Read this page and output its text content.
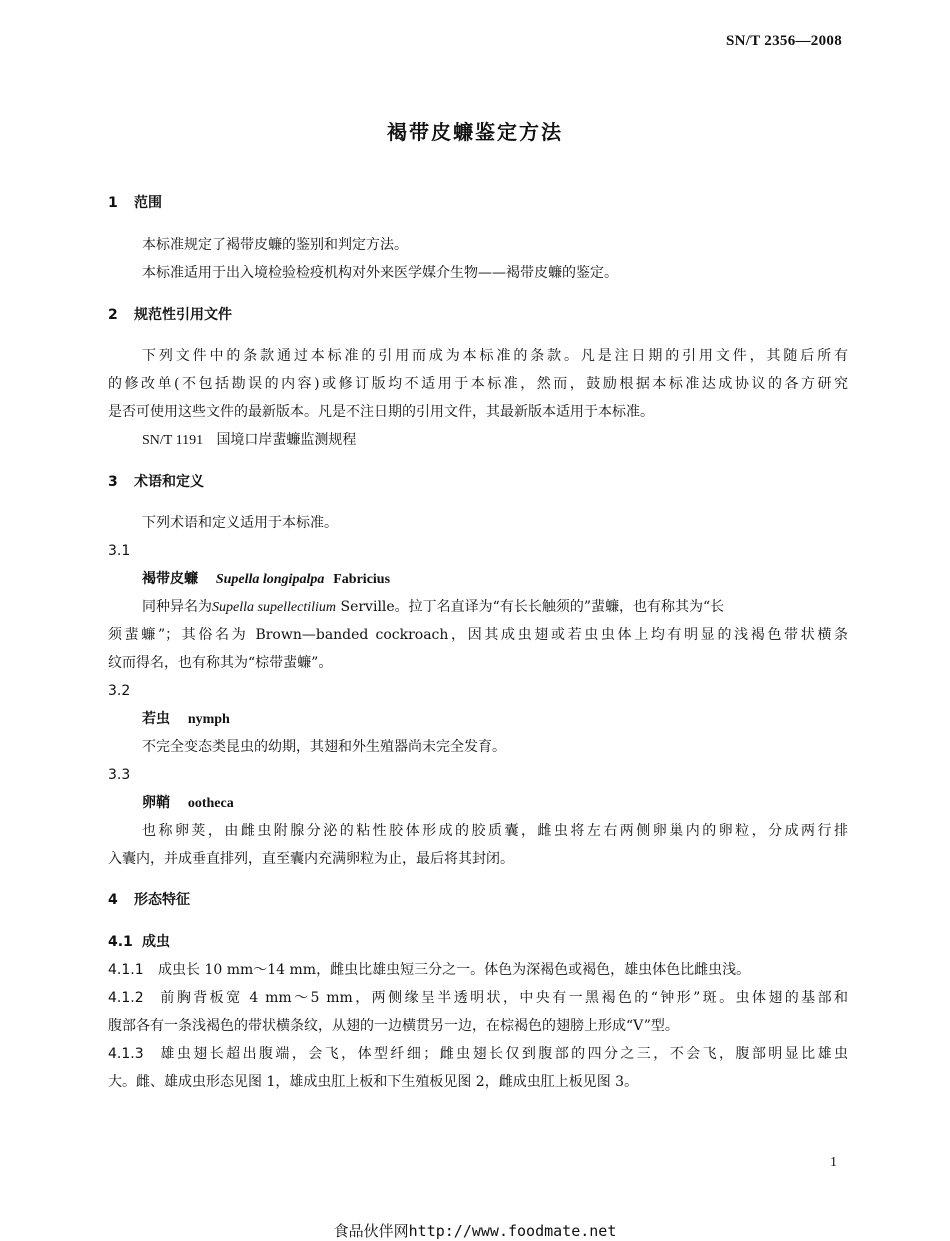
SN/T 2356—2008
褐带皮蠊鉴定方法
1 范围
本标准规定了褐带皮蠊的鉴别和判定方法。
本标准适用于出入境检验检疫机构对外来医学媒介生物——褐带皮蠊的鉴定。
2 规范性引用文件
下列文件中的条款通过本标准的引用而成为本标准的条款。凡是注日期的引用文件，其随后所有
的修改单(不包括勘误的内容)或修订版均不适用于本标准，然而，鼓励根据本标准达成协议的各方研究
是否可使用这些文件的最新版本。凡是不注日期的引用文件，其最新版本适用于本标准。
SN/T 1191 国境口岸蜚蠊监测规程
3 术语和定义
下列术语和定义适用于本标准。
3.1
褐带皮蠊 Supella longipalpa Fabricius
同种异名为Supella supellectilium Serville。拉丁名直译为“有长长触须的”蜚蠊，也有称其为“长
须蜚蠊”；其俗名为 Brown—banded cockroach，因其成虫翅或若虫虫体上均有明显的浅褐色带状横条
纹而得名，也有称其为“棕带蜚蠊”。
3.2
若虫 nymph
不完全变态类昆虫的幼期，其翅和外生殖器尚未完全发育。
3.3
卵鞘 ootheca
也称卵荚，由雌虫附腺分泌的粘性胶体形成的胶质囊，雌虫将左右两侧卵巢内的卵粒，分成两行排
入囊内，并成垂直排列，直至囊内充满卵粒为止，最后将其封闭。
4 形态特征
4.1 成虫
4.1.1 成虫长 10 mm～14 mm，雌虫比雄虫短三分之一。体色为深褐色或褐色，雄虫体色比雌虫浅。
4.1.2 前胸背板宽 4 mm～5 mm，两侧缘呈半透明状，中央有一黑褐色的“钟形”斑。虫体翅的基部和
腹部各有一条浅褐色的带状横条纹，从翅的一边横贯另一边，在棕褐色的翅膀上形成“V”型。
4.1.3 雄虫翅长超出腹端，会飞，体型纤细；雌虫翅长仅到腹部的四分之三，不会飞，腹部明显比雄虫
大。雌、雄成虫形态见图 1，雄成虫肛上板和下生殖板见图 2，雌成虫肛上板见图 3。
1
食品伙伴网http://www.foodmate.net
